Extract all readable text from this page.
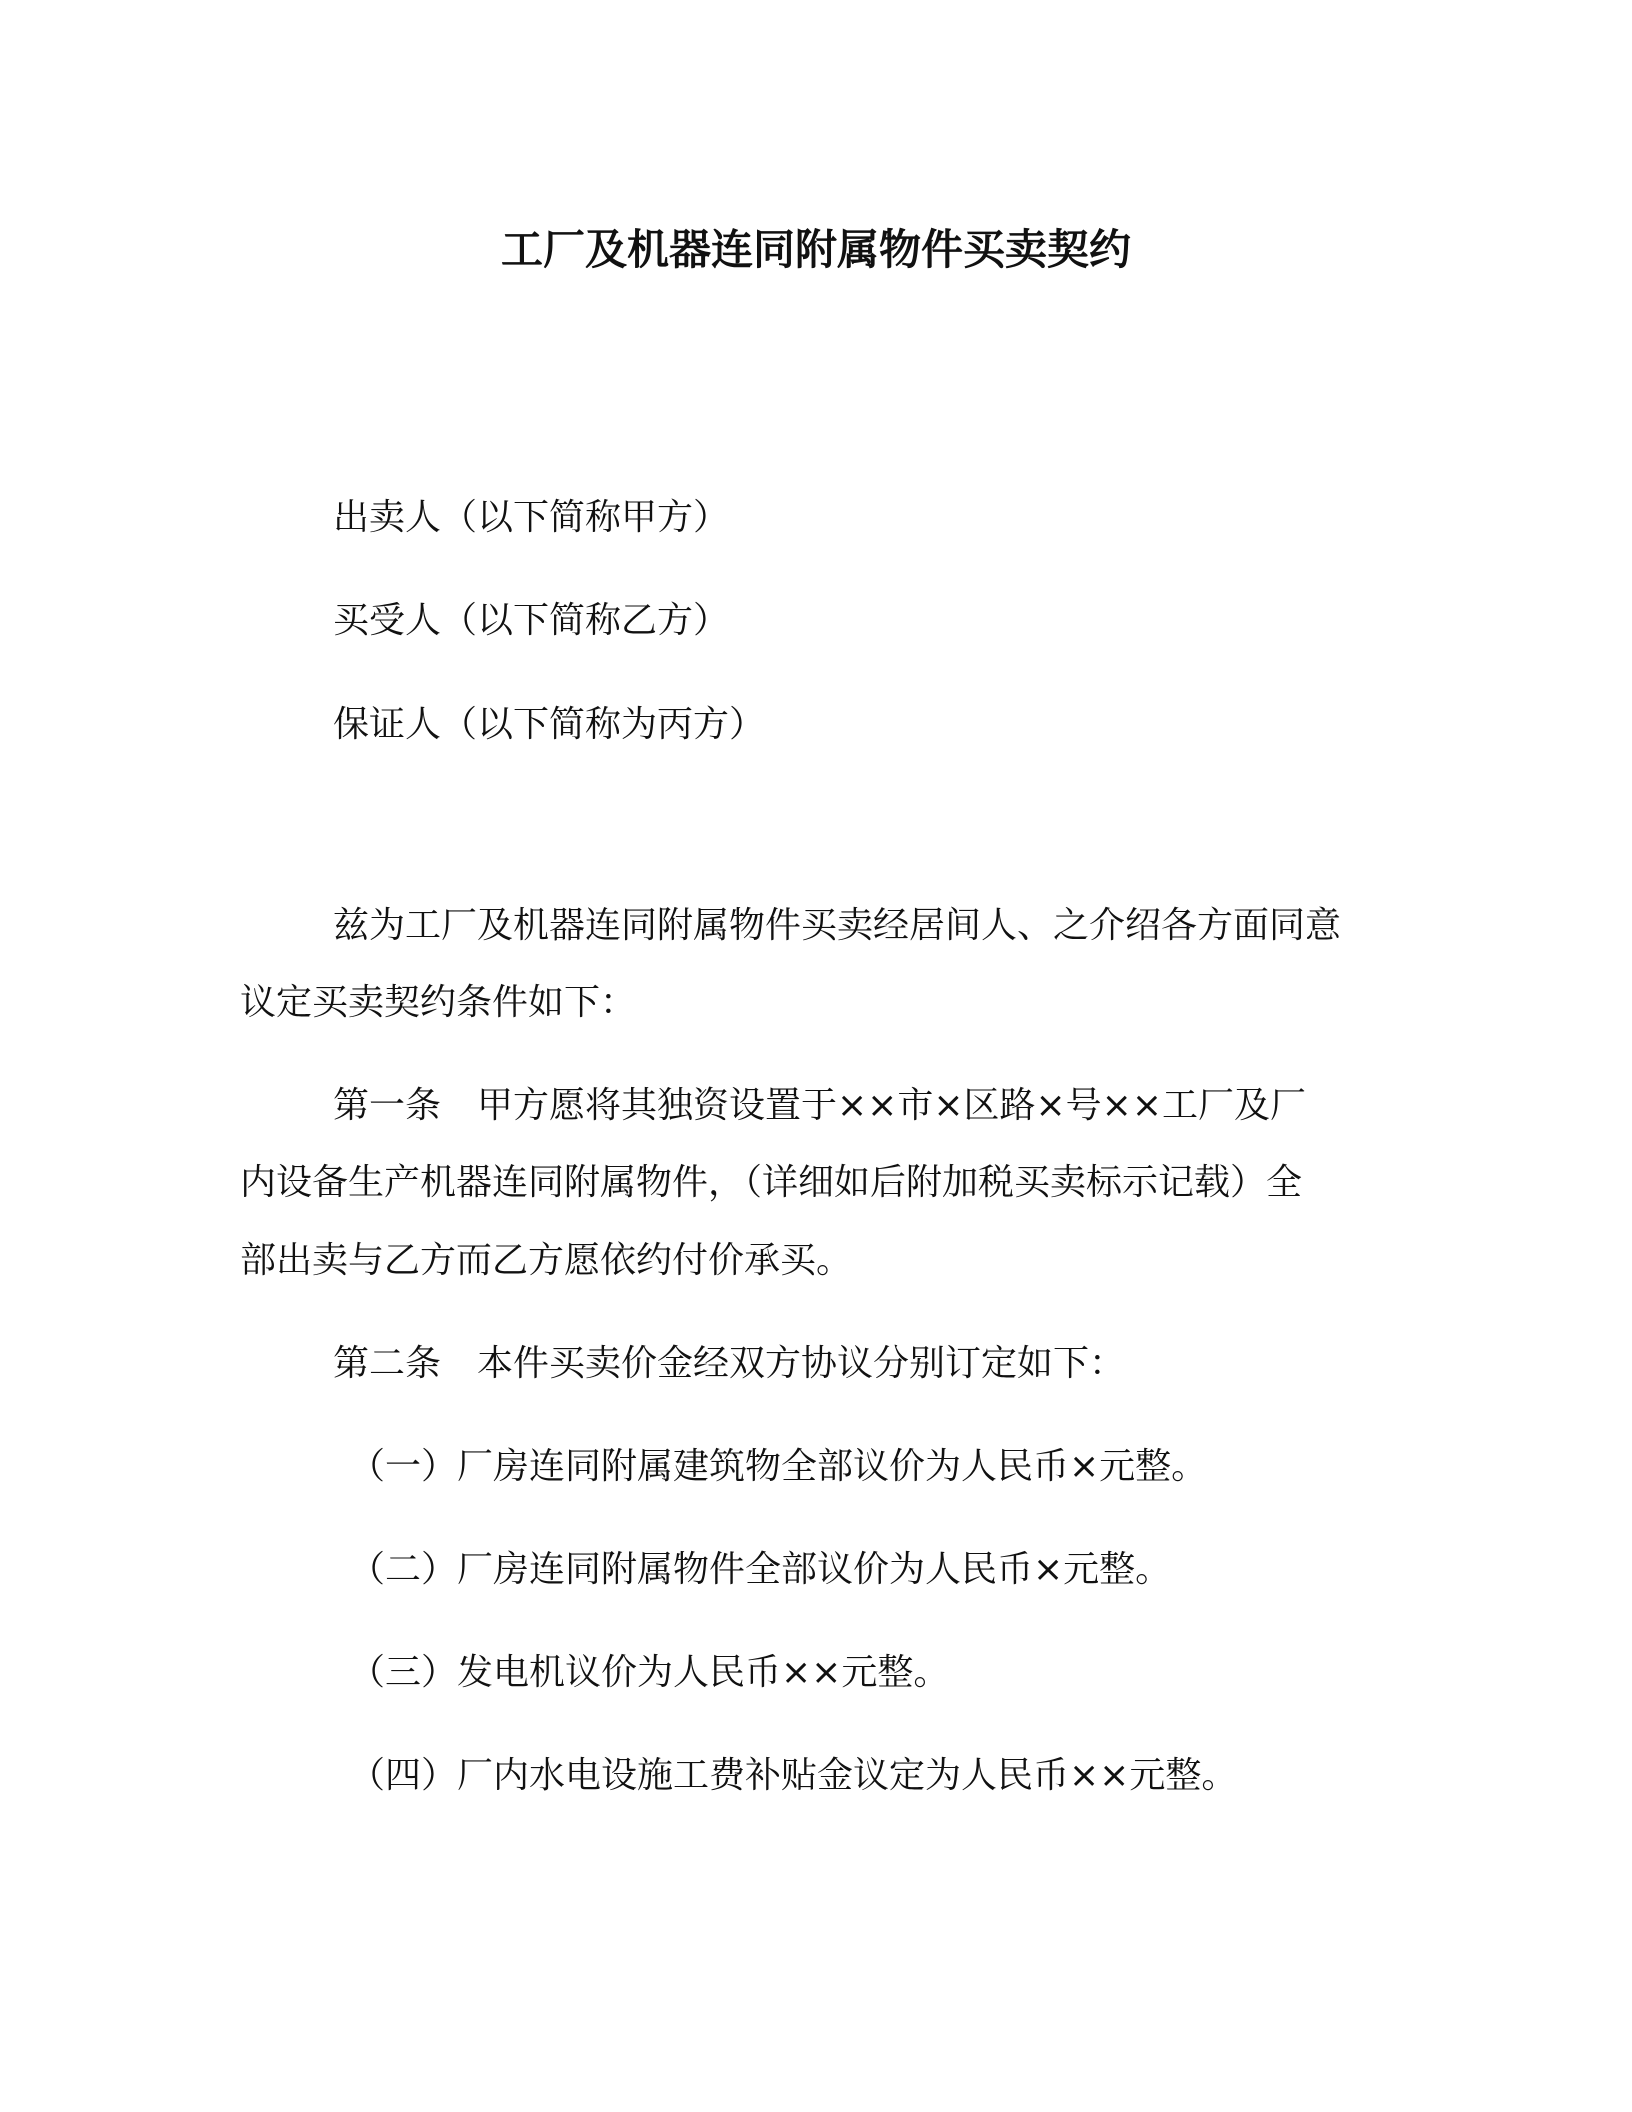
工厂及机器连同附属物件买卖契约
出卖人（以下简称甲方）
买受人（以下简称乙方）
保证人（以下简称为丙方）
兹为工厂及机器连同附属物件买卖经居间人、之介绍各方面同意
议定买卖契约条件如下：
第一条　甲方愿将其独资设置于××市×区路×号××工厂及厂
内设备生产机器连同附属物件，（详细如后附加税买卖标示记载）全
部出卖与乙方而乙方愿依约付价承买。
第二条　本件买卖价金经双方协议分别订定如下：
（一）厂房连同附属建筑物全部议价为人民币×元整。
（二）厂房连同附属物件全部议价为人民币×元整。
（三）发电机议价为人民币××元整。
（四）厂内水电设施工费补贴金议定为人民币××元整。
